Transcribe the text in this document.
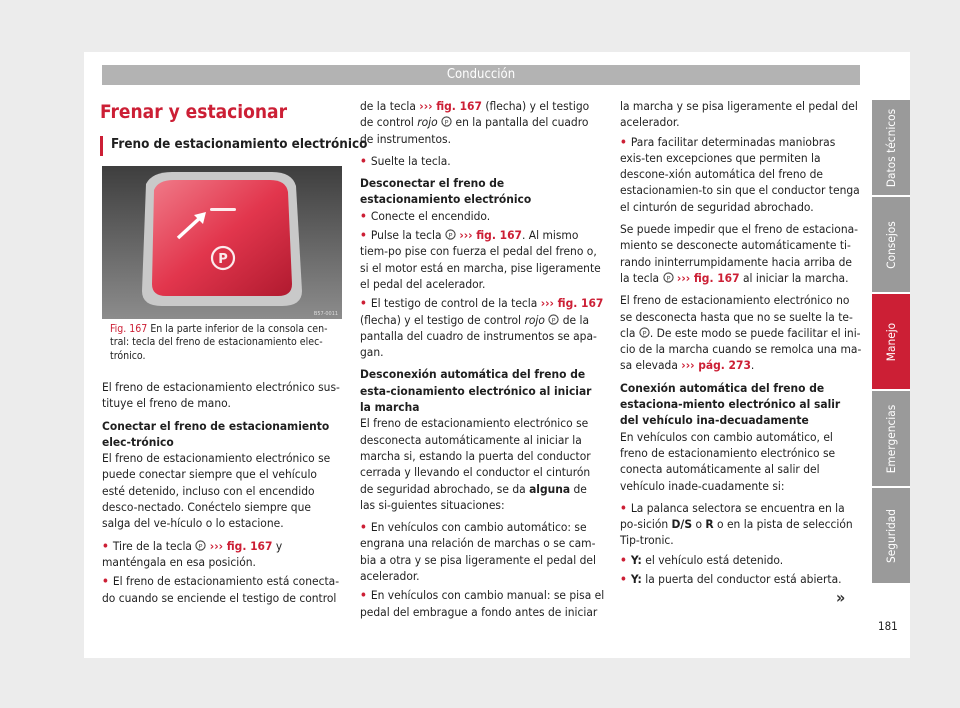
Conducción
Frenar y estacionar
Freno de estacionamiento electrónico
P
B57-0011
Fig. 167 En la parte inferior de la consola cen-tral: tecla del freno de estacionamiento elec-trónico.

El freno de estacionamiento electrónico sus-tituye el freno de mano.

Conectar el freno de estacionamiento elec-trónico

El freno de estacionamiento electrónico se puede conectar siempre que el vehículo esté detenido, incluso con el encendido desco-nectado. Conéctelo siempre que salga del ve-hículo o lo estacione.

• Tire de la tecla P ››› fig. 167 y manténgala en esa posición.
• El freno de estacionamiento está conecta-do cuando se enciende el testigo de control

de la tecla ››› fig. 167 (flecha) y el testigo de control rojo P en la pantalla del cuadro de instrumentos.

• Suelte la tecla.
Desconectar el freno de estacionamiento electrónico
• Conecte el encendido.
• Pulse la tecla P ››› fig. 167. Al mismo tiem-po pise con fuerza el pedal del freno o, si el motor está en marcha, pise ligeramente el pedal del acelerador.
• El testigo de control de la tecla ››› fig. 167 (flecha) y el testigo de control rojo P de la pantalla del cuadro de instrumentos se apa-gan.
Desconexión automática del freno de esta-cionamiento electrónico al iniciar la marcha

El freno de estacionamiento electrónico se desconecta automáticamente al iniciar la marcha si, estando la puerta del conductor cerrada y llevando el conductor el cinturón de seguridad abrochado, se da alguna de las si-guientes situaciones:

• En vehículos con cambio automático: se engrana una relación de marchas o se cam-bia a otra y se pisa ligeramente el pedal del acelerador.
• En vehículos con cambio manual: se pisa el pedal del embrague a fondo antes de iniciar

la marcha y se pisa ligeramente el pedal del acelerador.

• Para facilitar determinadas maniobras exis-ten excepciones que permiten la descone-xión automática del freno de estacionamien-to sin que el conductor tenga el cinturón de seguridad abrochado.

Se puede impedir que el freno de estaciona-miento se desconecte automáticamente ti-rando ininterrumpidamente hacia arriba de la tecla P ››› fig. 167 al iniciar la marcha.

El freno de estacionamiento electrónico no se desconecta hasta que no se suelte la te-cla P . De este modo se puede facilitar el ini-cio de la marcha cuando se remolca una ma-sa elevada ››› pág. 273.

Conexión automática del freno de estaciona-miento electrónico al salir del vehículo ina-decuadamente

En vehículos con cambio automático, el freno de estacionamiento electrónico se conecta automáticamente al salir del vehículo inade-cuadamente si:

• La palanca selectora se encuentra en la po-sición D/S o R o en la pista de selección Tip-tronic.
• Y: el vehículo está detenido.
• Y: la puerta del conductor está abierta.
»
Datos técnicos
Consejos
Manejo
Emergencias
Seguridad
181
